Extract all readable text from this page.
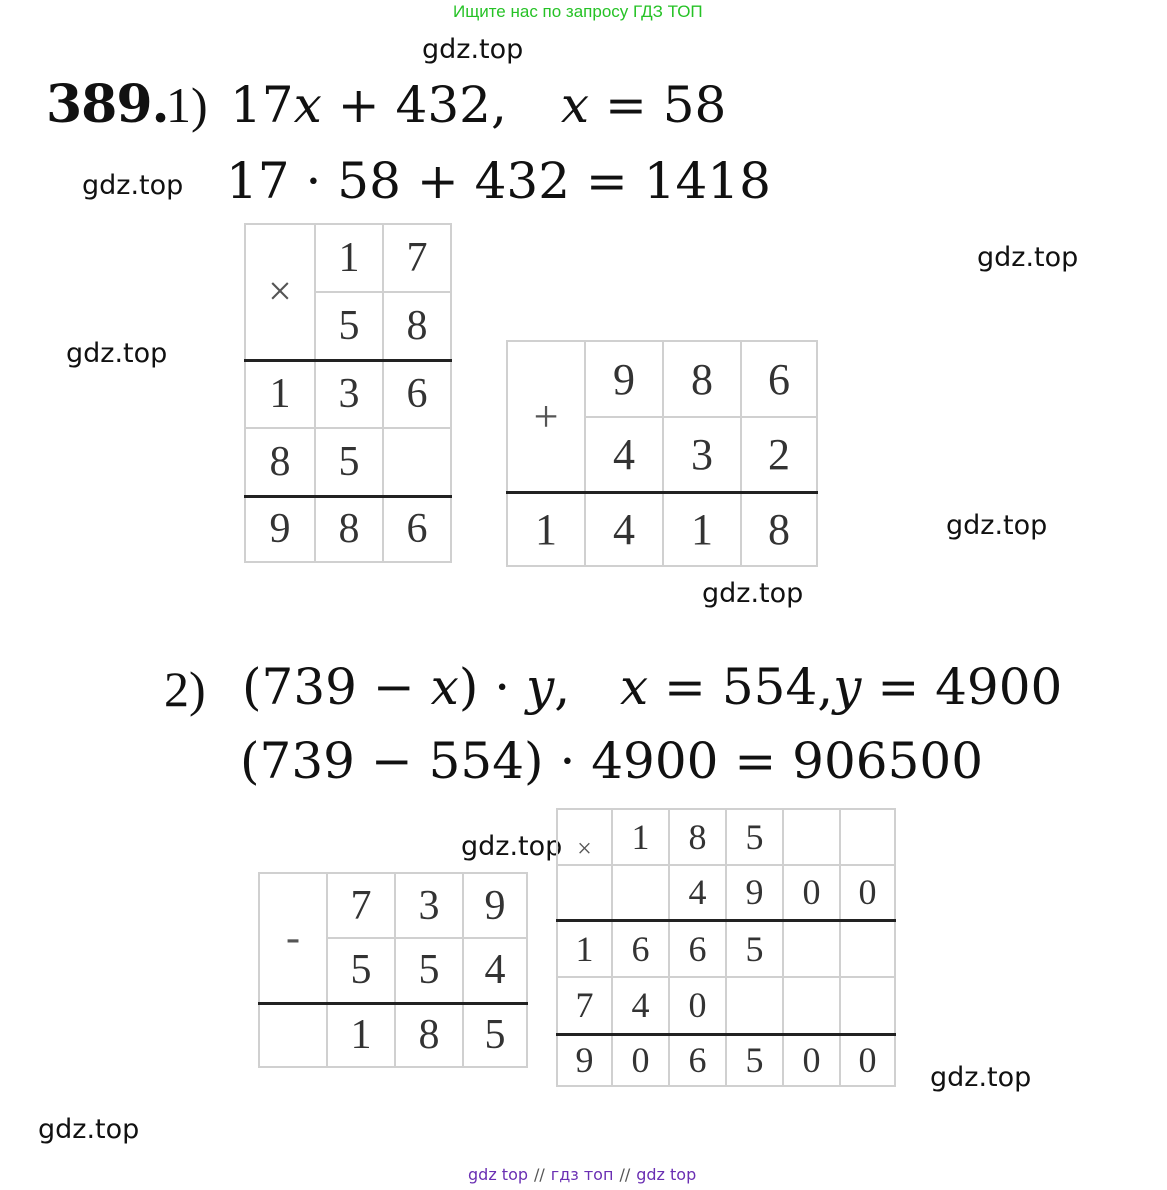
Ищите нас по запросу ГДЗ ТОП
gdz.top
gdz.top
gdz.top
gdz.top
gdz.top
gdz.top
gdz.top
gdz.top
gdz.top
389.
1) 17x + 432, x = 58
17 · 58 + 432 = 1418
×	1	7
	5	8
1	3	6
8	5	
9	8	6
+	9	8	6
	4	3	2
1	4	1	8
2) (739 − x) · y,  x = 554,y = 4900
(739 − 554) · 4900 = 906500
-	7	3	9
	5	5	4
	1	8	5
×	1	8	5		
		4	9	0	0
1	6	6	5		
7	4	0			
9	0	6	5	0	0
gdz top // гдз топ // gdz top
